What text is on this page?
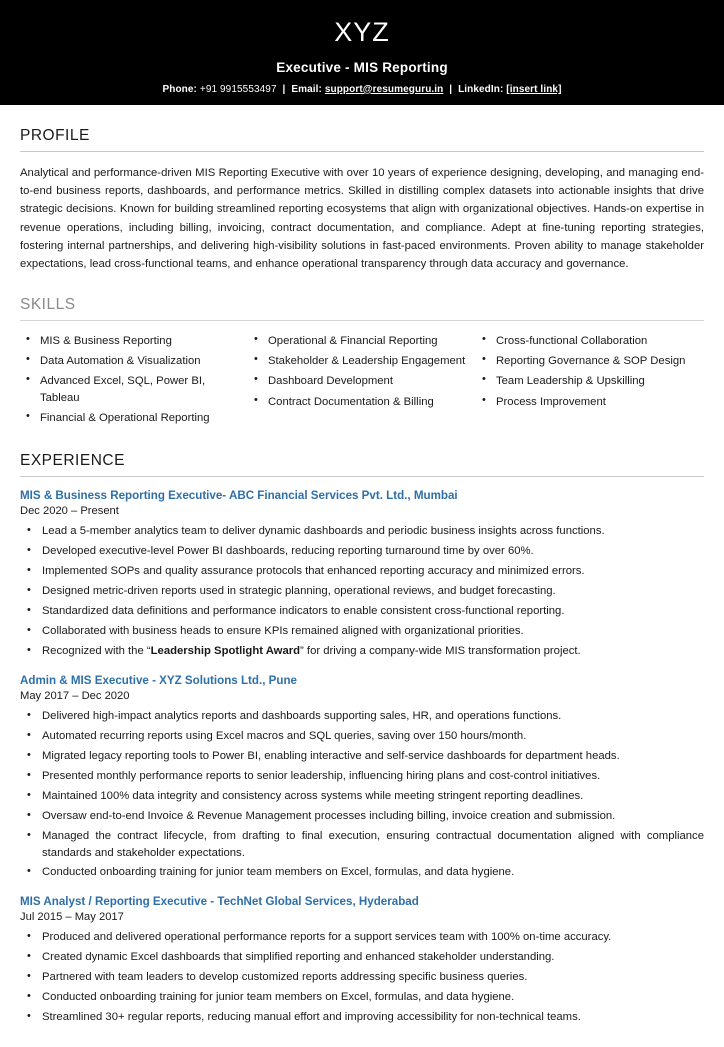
XYZ
Executive - MIS Reporting
Phone: +91 9915553497 | Email: support@resumeguru.in | LinkedIn: [insert link]
PROFILE

Analytical and performance-driven MIS Reporting Executive with over 10 years of experience designing, developing, and managing end-to-end business reports, dashboards, and performance metrics. Skilled in distilling complex datasets into actionable insights that drive strategic decisions. Known for building streamlined reporting ecosystems that align with organizational objectives. Hands-on expertise in revenue operations, including billing, invoicing, contract documentation, and compliance. Adept at fine-tuning reporting strategies, fostering internal partnerships, and delivering high-visibility solutions in fast-paced environments. Proven ability to manage stakeholder expectations, lead cross-functional teams, and enhance operational transparency through data accuracy and governance.

SKILLS
• MIS & Business Reporting
• Data Automation & Visualization
• Advanced Excel, SQL, Power BI, Tableau
• Financial & Operational Reporting
• Operational & Financial Reporting
• Stakeholder & Leadership Engagement
• Dashboard Development
• Contract Documentation & Billing
• Cross-functional Collaboration
• Reporting Governance & SOP Design
• Team Leadership & Upskilling
• Process Improvement
EXPERIENCE
MIS & Business Reporting Executive- ABC Financial Services Pvt. Ltd., Mumbai
Dec 2020 – Present
• Lead a 5-member analytics team to deliver dynamic dashboards and periodic business insights across functions.
• Developed executive-level Power BI dashboards, reducing reporting turnaround time by over 60%.
• Implemented SOPs and quality assurance protocols that enhanced reporting accuracy and minimized errors.
• Designed metric-driven reports used in strategic planning, operational reviews, and budget forecasting.
• Standardized data definitions and performance indicators to enable consistent cross-functional reporting.
• Collaborated with business heads to ensure KPIs remained aligned with organizational priorities.
• Recognized with the “Leadership Spotlight Award” for driving a company-wide MIS transformation project.
Admin & MIS Executive - XYZ Solutions Ltd., Pune
May 2017 – Dec 2020
• Delivered high-impact analytics reports and dashboards supporting sales, HR, and operations functions.
• Automated recurring reports using Excel macros and SQL queries, saving over 150 hours/month.
• Migrated legacy reporting tools to Power BI, enabling interactive and self-service dashboards for department heads.
• Presented monthly performance reports to senior leadership, influencing hiring plans and cost-control initiatives.
• Maintained 100% data integrity and consistency across systems while meeting stringent reporting deadlines.
• Oversaw end-to-end Invoice & Revenue Management processes including billing, invoice creation and submission.
• Managed the contract lifecycle, from drafting to final execution, ensuring contractual documentation aligned with compliance standards and stakeholder expectations.
• Conducted onboarding training for junior team members on Excel, formulas, and data hygiene.
MIS Analyst / Reporting Executive - TechNet Global Services, Hyderabad
Jul 2015 – May 2017
• Produced and delivered operational performance reports for a support services team with 100% on-time accuracy.
• Created dynamic Excel dashboards that simplified reporting and enhanced stakeholder understanding.
• Partnered with team leaders to develop customized reports addressing specific business queries.
• Conducted onboarding training for junior team members on Excel, formulas, and data hygiene.
• Streamlined 30+ regular reports, reducing manual effort and improving accessibility for non-technical teams.
